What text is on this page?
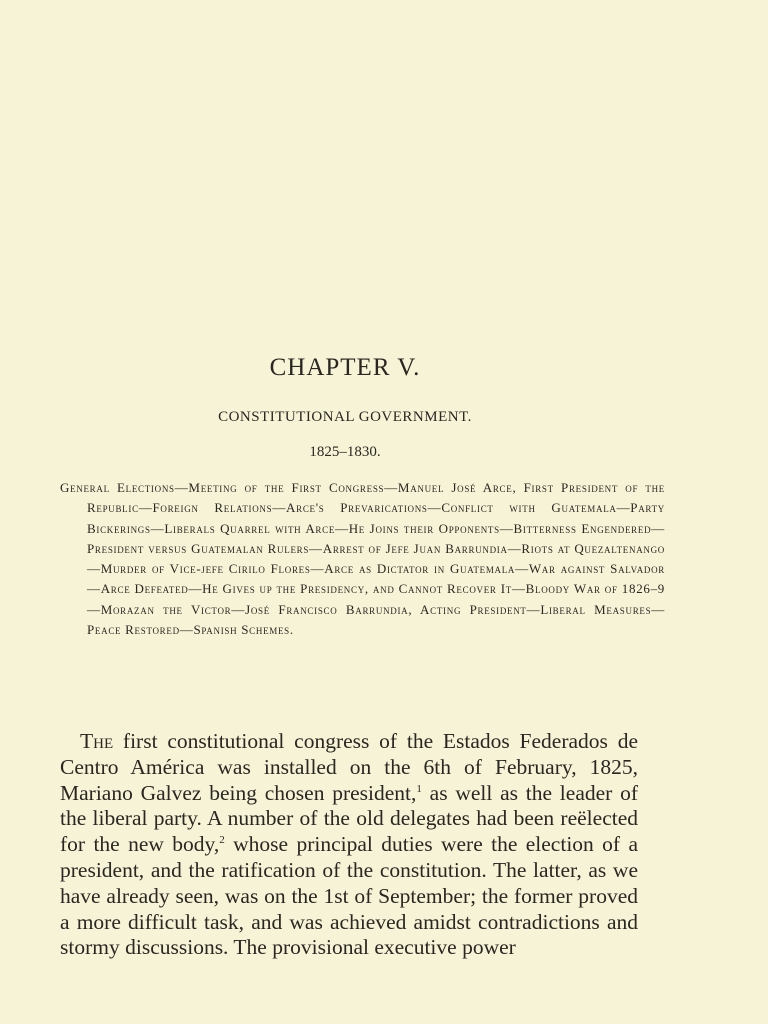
CHAPTER V.
CONSTITUTIONAL GOVERNMENT.
1825–1830.

General Elections—Meeting of the First Congress—Manuel José Arce, First President of the Republic—Foreign Relations—Arce's Prevarications—Conflict with Guatemala—Party Bickerings—Liberals Quarrel with Arce—He Joins their Opponents—Bitterness Engendered—President versus Guatemalan Rulers—Arrest of Jefe Juan Barrundia—Riots at Quezaltenango—Murder of Vice-jefe Cirilo Flores—Arce as Dictator in Guatemala—War against Salvador—Arce Defeated—He Gives up the Presidency, and Cannot Recover It—Bloody War of 1826–9—Morazan the Victor—José Francisco Barrundia, Acting President—Liberal Measures—Peace Restored—Spanish Schemes.

The first constitutional congress of the Estados Federados de Centro América was installed on the 6th of February, 1825, Mariano Galvez being chosen president,$^1$ as well as the leader of the liberal party. A number of the old delegates had been reëlected for the new body,$^2$ whose principal duties were the election of a president, and the ratification of the constitution. The latter, as we have already seen, was on the 1st of September; the former proved a more difficult task, and was achieved amidst contradictions and stormy discussions. The provisional executive power
